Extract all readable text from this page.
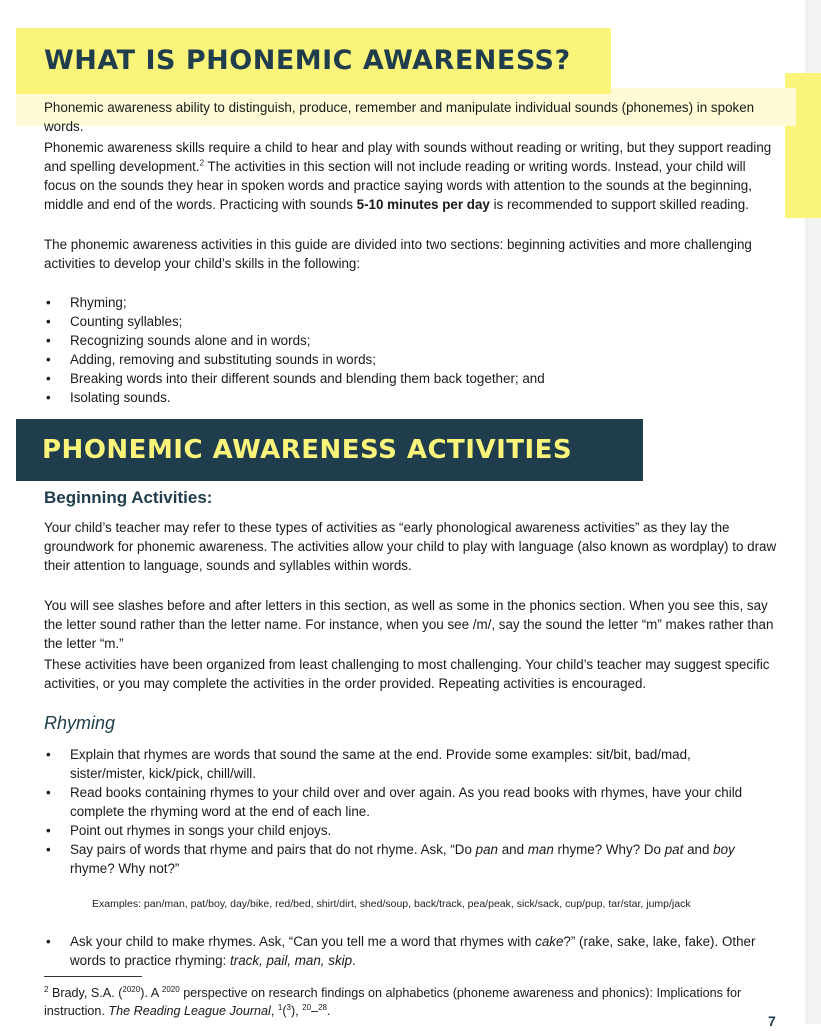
WHAT IS PHONEMIC AWARENESS?

Phonemic awareness ability to distinguish, produce, remember and manipulate individual sounds (phonemes) in spoken words.

Phonemic awareness skills require a child to hear and play with sounds without reading or writing, but they support reading and spelling development.$^2$ The activities in this section will not include reading or writing words. Instead, your child will focus on the sounds they hear in spoken words and practice saying words with attention to the sounds at the beginning, middle and end of the words. Practicing with sounds 5-10 minutes per day is recommended to support skilled reading.

The phonemic awareness activities in this guide are divided into two sections: beginning activities and more challenging activities to develop your child’s skills in the following:

• Rhyming;
• Counting syllables;
• Recognizing sounds alone and in words;
• Adding, removing and substituting sounds in words;
• Breaking words into their different sounds and blending them back together; and
• Isolating sounds.
PHONEMIC AWARENESS ACTIVITIES
Beginning Activities:

Your child’s teacher may refer to these types of activities as “early phonological awareness activities” as they lay the groundwork for phonemic awareness. The activities allow your child to play with language (also known as wordplay) to draw their attention to language, sounds and syllables within words.

You will see slashes before and after letters in this section, as well as some in the phonics section. When you see this, say the letter sound rather than the letter name. For instance, when you see /m/, say the sound the letter “m” makes rather than the letter “m.”

These activities have been organized from least challenging to most challenging. Your child’s teacher may suggest specific activities, or you may complete the activities in the order provided. Repeating activities is encouraged.

Rhyming
• Explain that rhymes are words that sound the same at the end. Provide some examples: sit/bit, bad/mad, sister/mister, kick/pick, chill/will.
• Read books containing rhymes to your child over and over again. As you read books with rhymes, have your child complete the rhyming word at the end of each line.
• Point out rhymes in songs your child enjoys.
• Say pairs of words that rhyme and pairs that do not rhyme. Ask, “Do pan and man rhyme? Why? Do pat and boy rhyme? Why not?”
Examples: pan/man, pat/boy, day/bike, red/bed, shirt/dirt, shed/soup, back/track, pea/peak, sick/sack, cup/pup, tar/star, jump/jack
• Ask your child to make rhymes. Ask, “Can you tell me a word that rhymes with cake?” (rake, sake, lake, fake). Other words to practice rhyming: track, pail, man, skip.
$^2$ Brady, S.A. ($^{2020}$). A $^{2020}$ perspective on research findings on alphabetics (phoneme awareness and phonics): Implications for instruction. The Reading League Journal, $^1$($^3$), $^{20}$–$^{28}$.
7
